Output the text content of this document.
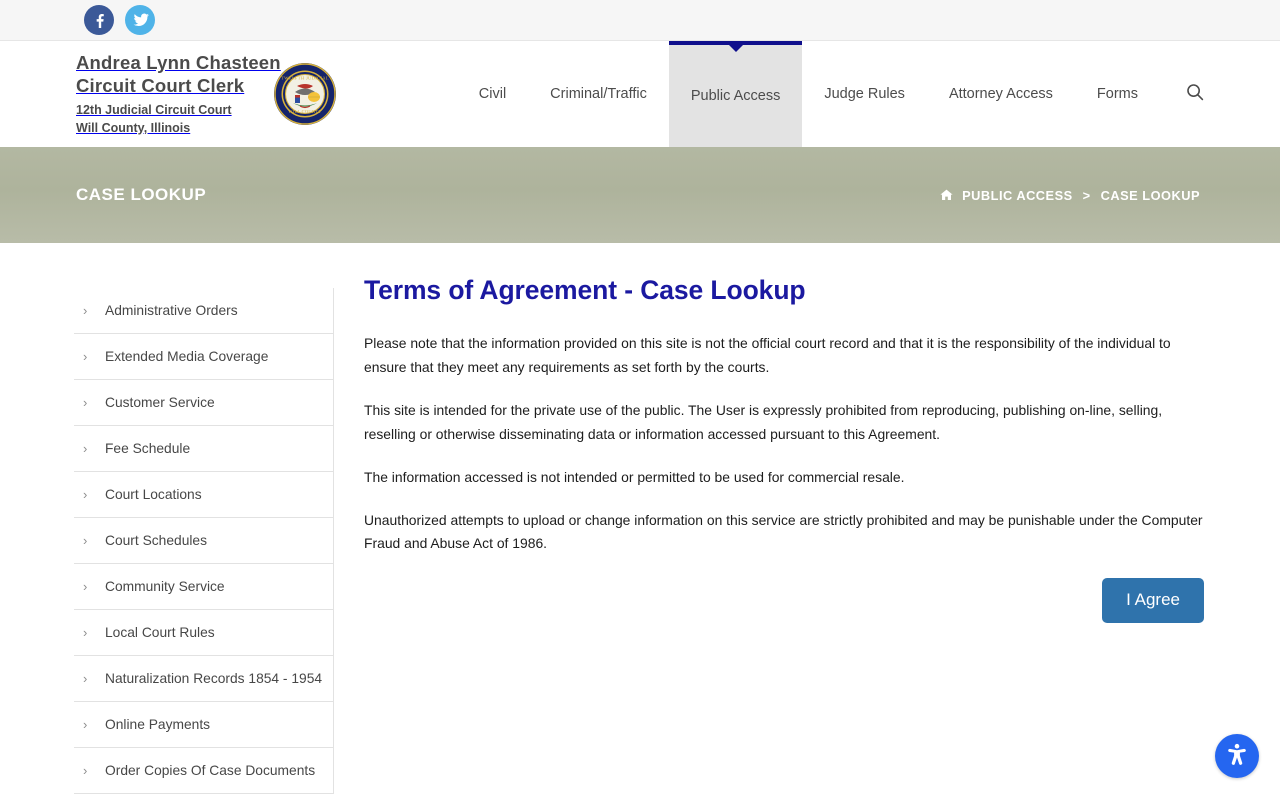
Andrea Lynn Chasteen
Circuit Court Clerk
12th Judicial Circuit Court
Will County, Illinois
TWELFTH JUDICIAL
WILL COUNTY
Civil	Criminal/Traffic	Public Access	Judge Rules	Attorney Access	Forms
CASE LOOKUP	PUBLIC ACCESS > CASE LOOKUP
›	Administrative Orders
›	Extended Media Coverage
›	Customer Service
›	Fee Schedule
›	Court Locations
›	Court Schedules
›	Community Service
›	Local Court Rules
›	Naturalization Records 1854 - 1954
›	Online Payments
›	Order Copies Of Case Documents
Terms of Agreement - Case Lookup

Please note that the information provided on this site is not the official court record and that it is the responsibility of the individual to ensure that they meet any requirements as set forth by the courts.

This site is intended for the private use of the public. The User is expressly prohibited from reproducing, publishing on-line, selling, reselling or otherwise disseminating data or information accessed pursuant to this Agreement.

The information accessed is not intended or permitted to be used for commercial resale.

Unauthorized attempts to upload or change information on this service are strictly prohibited and may be punishable under the Computer Fraud and Abuse Act of 1986.

I Agree
